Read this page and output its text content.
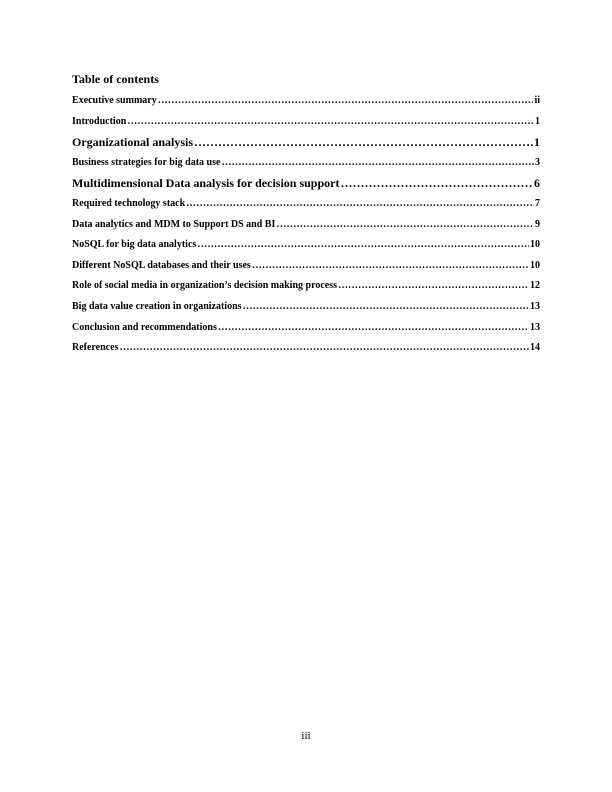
Table of contents
Executive summary ……………………………………………………………………………………………………………………………………………………………………………………………………	ii
Introduction ……………………………………………………………………………………………………………………………………………………………………………………………………	1
Organizational analysis ……………………………………………………………………………………………………………………………………………………………………………………………………	1
Business strategies for big data use ……………………………………………………………………………………………………………………………………………………………………………………………………	3
Multidimensional Data analysis for decision support ……………………………………………………………………………………………………………………………………………………………………………………………………	6
Required technology stack ……………………………………………………………………………………………………………………………………………………………………………………………………	7
Data analytics and MDM to Support DS and BI ……………………………………………………………………………………………………………………………………………………………………………………………………	9
NoSQL for big data analytics ……………………………………………………………………………………………………………………………………………………………………………………………………	10
Different NoSQL databases and their uses ……………………………………………………………………………………………………………………………………………………………………………………………………	10
Role of social media in organization’s decision making process ……………………………………………………………………………………………………………………………………………………………………………………………………	12
Big data value creation in organizations ……………………………………………………………………………………………………………………………………………………………………………………………………	13
Conclusion and recommendations ……………………………………………………………………………………………………………………………………………………………………………………………………	13
References ……………………………………………………………………………………………………………………………………………………………………………………………………	14
iii
